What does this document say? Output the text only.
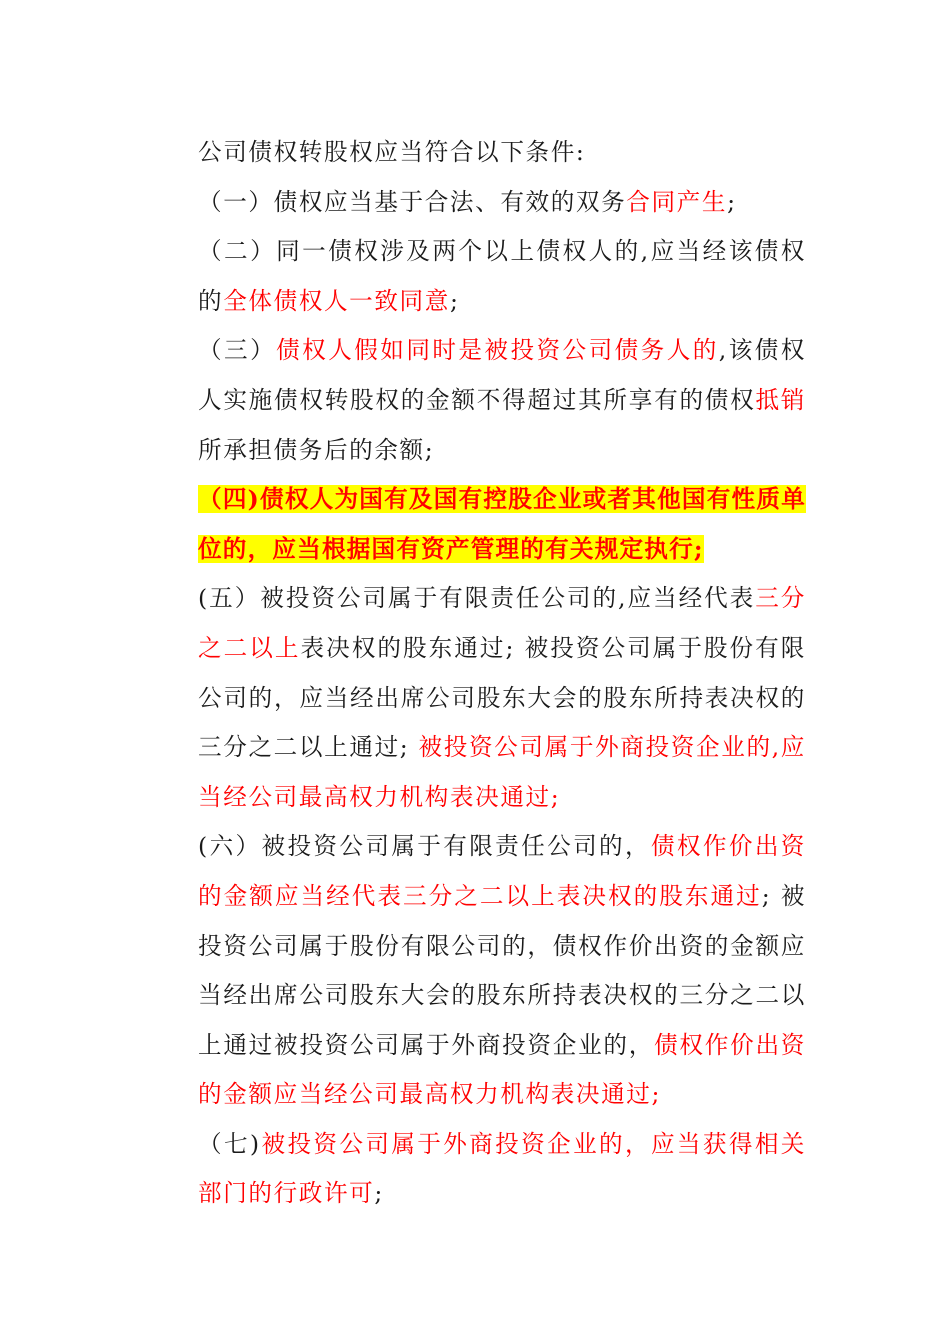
公司债权转股权应当符合以下条件:

（一）债权应当基于合法、有效的双务合同产生;

（二）同一债权涉及两个以上债权人的,应当经该债权的全体债权人一致同意;

（三）债权人假如同时是被投资公司债务人的,该债权人实施债权转股权的金额不得超过其所享有的债权抵销所承担债务后的余额;

（四)债权人为国有及国有控股企业或者其他国有性质单位的，应当根据国有资产管理的有关规定执行;

(五）被投资公司属于有限责任公司的,应当经代表三分之二以上表决权的股东通过; 被投资公司属于股份有限公司的，应当经出席公司股东大会的股东所持表决权的三分之二以上通过; 被投资公司属于外商投资企业的,应当经公司最高权力机构表决通过;

(六）被投资公司属于有限责任公司的，债权作价出资的金额应当经代表三分之二以上表决权的股东通过; 被投资公司属于股份有限公司的，债权作价出资的金额应当经出席公司股东大会的股东所持表决权的三分之二以上通过被投资公司属于外商投资企业的，债权作价出资的金额应当经公司最高权力机构表决通过;

（七)被投资公司属于外商投资企业的，应当获得相关部门的行政许可;
